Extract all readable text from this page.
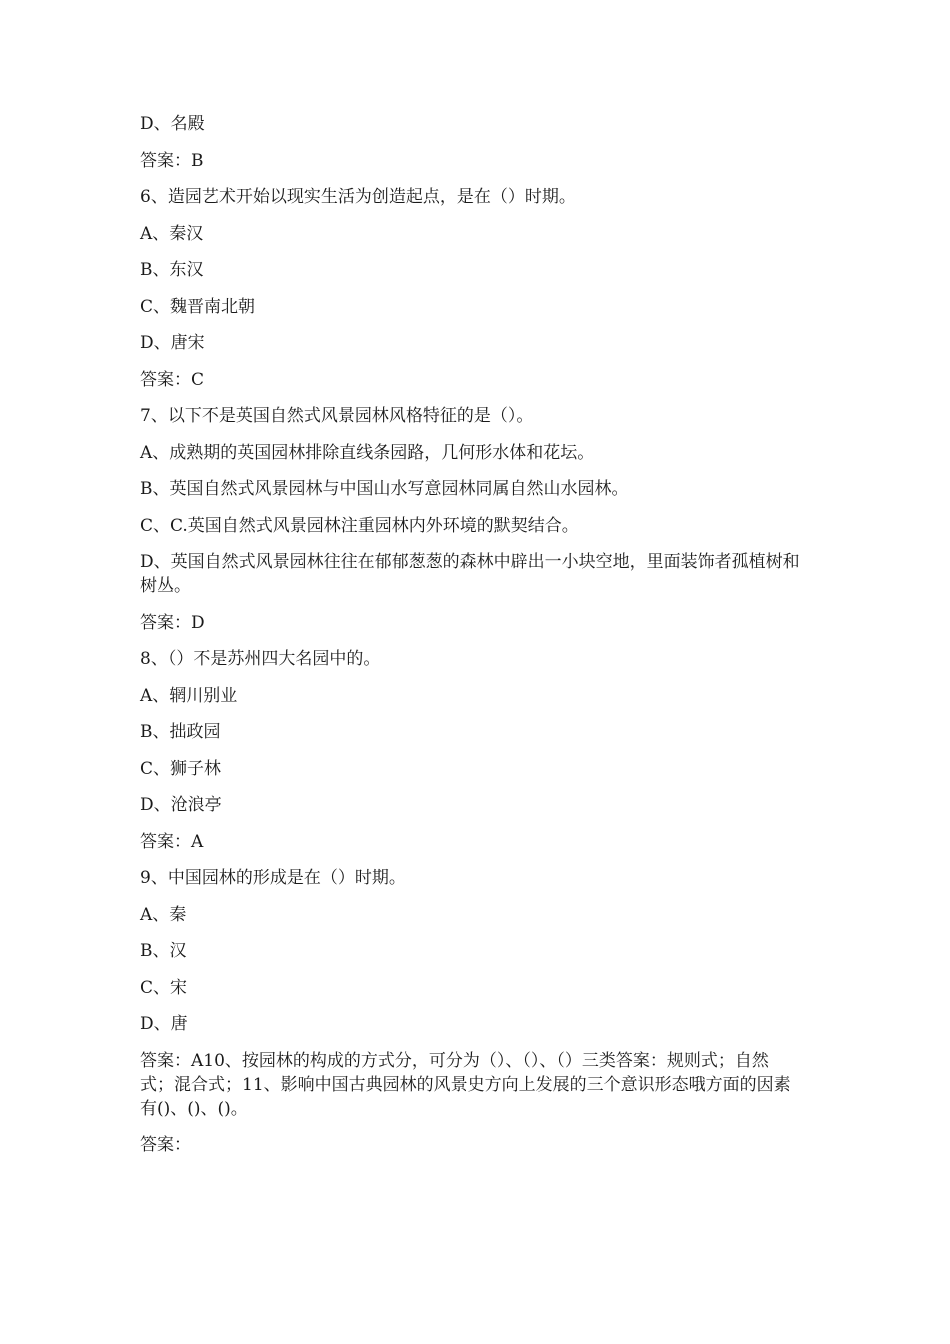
D、名殿

答案：B

6、造园艺术开始以现实生活为创造起点，是在（）时期。

A、秦汉

B、东汉

C、魏晋南北朝

D、唐宋

答案：C

7、以下不是英国自然式风景园林风格特征的是（）。

A、成熟期的英国园林排除直线条园路，几何形水体和花坛。

B、英国自然式风景园林与中国山水写意园林同属自然山水园林。

C、C.英国自然式风景园林注重园林内外环境的默契结合。

D、英国自然式风景园林往往在郁郁葱葱的森林中辟出一小块空地，里面装饰者孤植树和树丛。

答案：D

8、（）不是苏州四大名园中的。

A、辋川别业

B、拙政园

C、狮子林

D、沧浪亭

答案：A

9、中国园林的形成是在（）时期。

A、秦

B、汉

C、宋

D、唐

答案：A10、按园林的构成的方式分，可分为（）、（）、（）三类答案：规则式；自然式；混合式；11、影响中国古典园林的风景史方向上发展的三个意识形态哦方面的因素有()、()、()。

答案：
